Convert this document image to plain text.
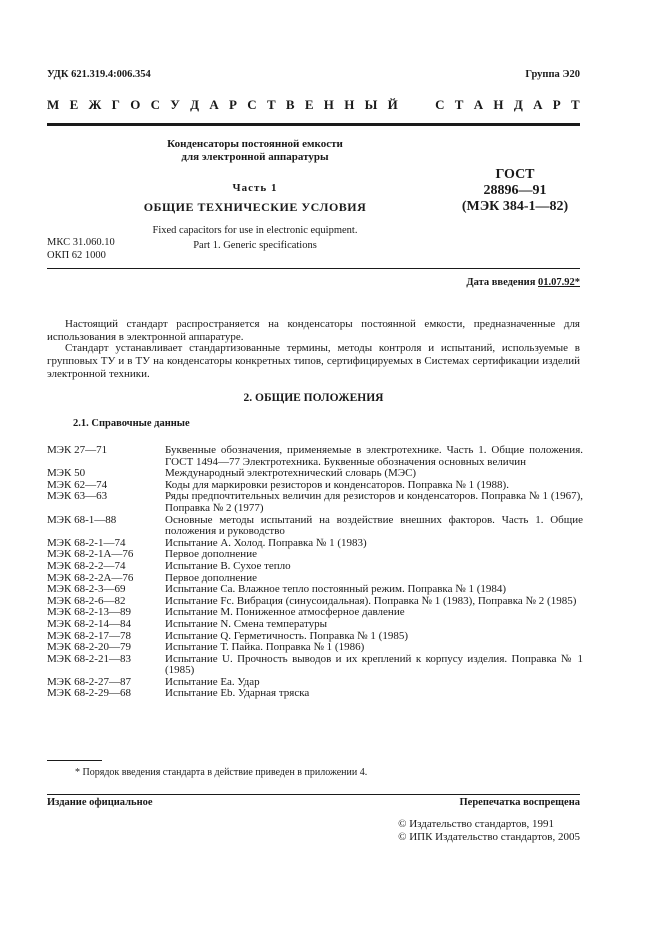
УДК 621.319.4:006.354	Группа Э20
М Е Ж Г О С У Д А Р С Т В Е Н Н Ы Й

	С Т А Н Д А Р Т
Конденсаторы постоянной емкости
для электронной аппаратуры
Часть 1
ОБЩИЕ ТЕХНИЧЕСКИЕ УСЛОВИЯ
Fixed capacitors for use in electronic equipment.
Part 1. Generic specifications
ГОСТ
28896—91
(МЭК 384-1—82)
МКС 31.060.10
ОКП 62 1000
Дата введения 01.07.92*
Настоящий стандарт распространяется на конденсаторы постоянной емкости, предназначенные для использования в электронной аппаратуре.
Стандарт устанавливает стандартизованные термины, методы контроля и испытаний, используемые в групповых ТУ и в ТУ на конденсаторы конкретных типов, сертифицируемых в Системах сертификации изделий электронной техники.
2. ОБЩИЕ ПОЛОЖЕНИЯ
2.1. Справочные данные
МЭК 27—71	Буквенные обозначения, применяемые в электротехнике. Часть 1. Общие положения. ГОСТ 1494—77 Электротехника. Буквенные обозначения основных величин
МЭК 50	Международный электротехнический словарь (МЭС)
МЭК 62—74	Коды для маркировки резисторов и конденсаторов. Поправка № 1 (1988).
МЭК 63—63	Ряды предпочтительных величин для резисторов и конденсаторов. Поправка № 1 (1967), Поправка № 2 (1977)
МЭК 68-1—88	Основные методы испытаний на воздействие внешних факторов. Часть 1. Общие положения и руководство
МЭК 68-2-1—74	Испытание А. Холод. Поправка № 1 (1983)
МЭК 68-2-1А—76	Первое дополнение
МЭК 68-2-2—74	Испытание В. Сухое тепло
МЭК 68-2-2А—76	Первое дополнение
МЭК 68-2-3—69	Испытание Са. Влажное тепло постоянный режим. Поправка № 1 (1984)
МЭК 68-2-6—82	Испытание Fc. Вибрация (синусоидальная). Поправка № 1 (1983), Поправка № 2 (1985)
МЭК 68-2-13—89	Испытание М. Пониженное атмосферное давление
МЭК 68-2-14—84	Испытание N. Смена температуры
МЭК 68-2-17—78	Испытание Q. Герметичность. Поправка № 1 (1985)
МЭК 68-2-20—79	Испытание Т. Пайка. Поправка № 1 (1986)
МЭК 68-2-21—83	Испытание U. Прочность выводов и их креплений к корпусу изделия. Поправка № 1 (1985)
МЭК 68-2-27—87	Испытание Еа. Удар
МЭК 68-2-29—68	Испытание Eb. Ударная тряска
* Порядок введения стандарта в действие приведен в приложении 4.
Издание официальное	Перепечатка воспрещена
© Издательство стандартов, 1991
© ИПК Издательство стандартов, 2005
